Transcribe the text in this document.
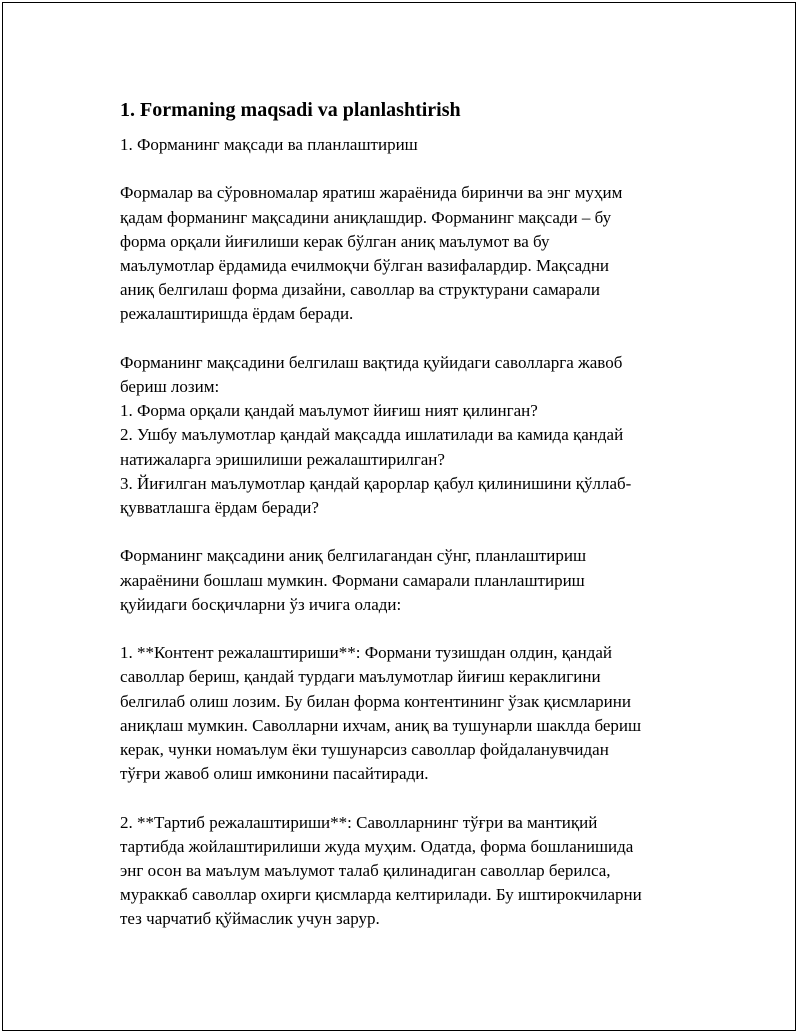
1. Formaning maqsadi va planlashtirish
1. Форманинг мақсади ва планлаштириш
Формалар ва сўровномалар яратиш жараёнида биринчи ва энг муҳим
қадам форманинг мақсадини аниқлашдир. Форманинг мақсади – бу
форма орқали йиғилиши керак бўлган аниқ маълумот ва бу
маълумотлар ёрдамида ечилмоқчи бўлган вазифалардир. Мақсадни
аниқ белгилаш форма дизайни, саволлар ва структурани самарали
режалаштиришда ёрдам беради.
Форманинг мақсадини белгилаш вақтида қуйидаги саволларга жавоб
бериш лозим:
1. Форма орқали қандай маълумот йиғиш ният қилинган?
2. Ушбу маълумотлар қандай мақсадда ишлатилади ва камида қандай
натижаларга эришилиши режалаштирилган?
3. Йиғилган маълумотлар қандай қарорлар қабул қилинишини қўллаб-
қувватлашга ёрдам беради?
Форманинг мақсадини аниқ белгилагандан сўнг, планлаштириш
жараёнини бошлаш мумкин. Формани самарали планлаштириш
қуйидаги босқичларни ўз ичига олади:
1. **Контент режалаштириши**: Формани тузишдан олдин, қандай
саволлар бериш, қандай турдаги маълумотлар йиғиш кераклигини
белгилаб олиш лозим. Бу билан форма контентининг ўзак қисмларини
аниқлаш мумкин. Саволларни ихчам, аниқ ва тушунарли шаклда бериш
керак, чунки номаълум ёки тушунарсиз саволлар фойдаланувчидан
тўғри жавоб олиш имконини пасайтиради.
2. **Тартиб режалаштириши**: Саволларнинг тўғри ва мантиқий
тартибда жойлаштирилиши жуда муҳим. Одатда, форма бошланишида
энг осон ва маълум маълумот талаб қилинадиган саволлар берилса,
мураккаб саволлар охирги қисмларда келтирилади. Бу иштирокчиларни
тез чарчатиб қўймаслик учун зарур.
